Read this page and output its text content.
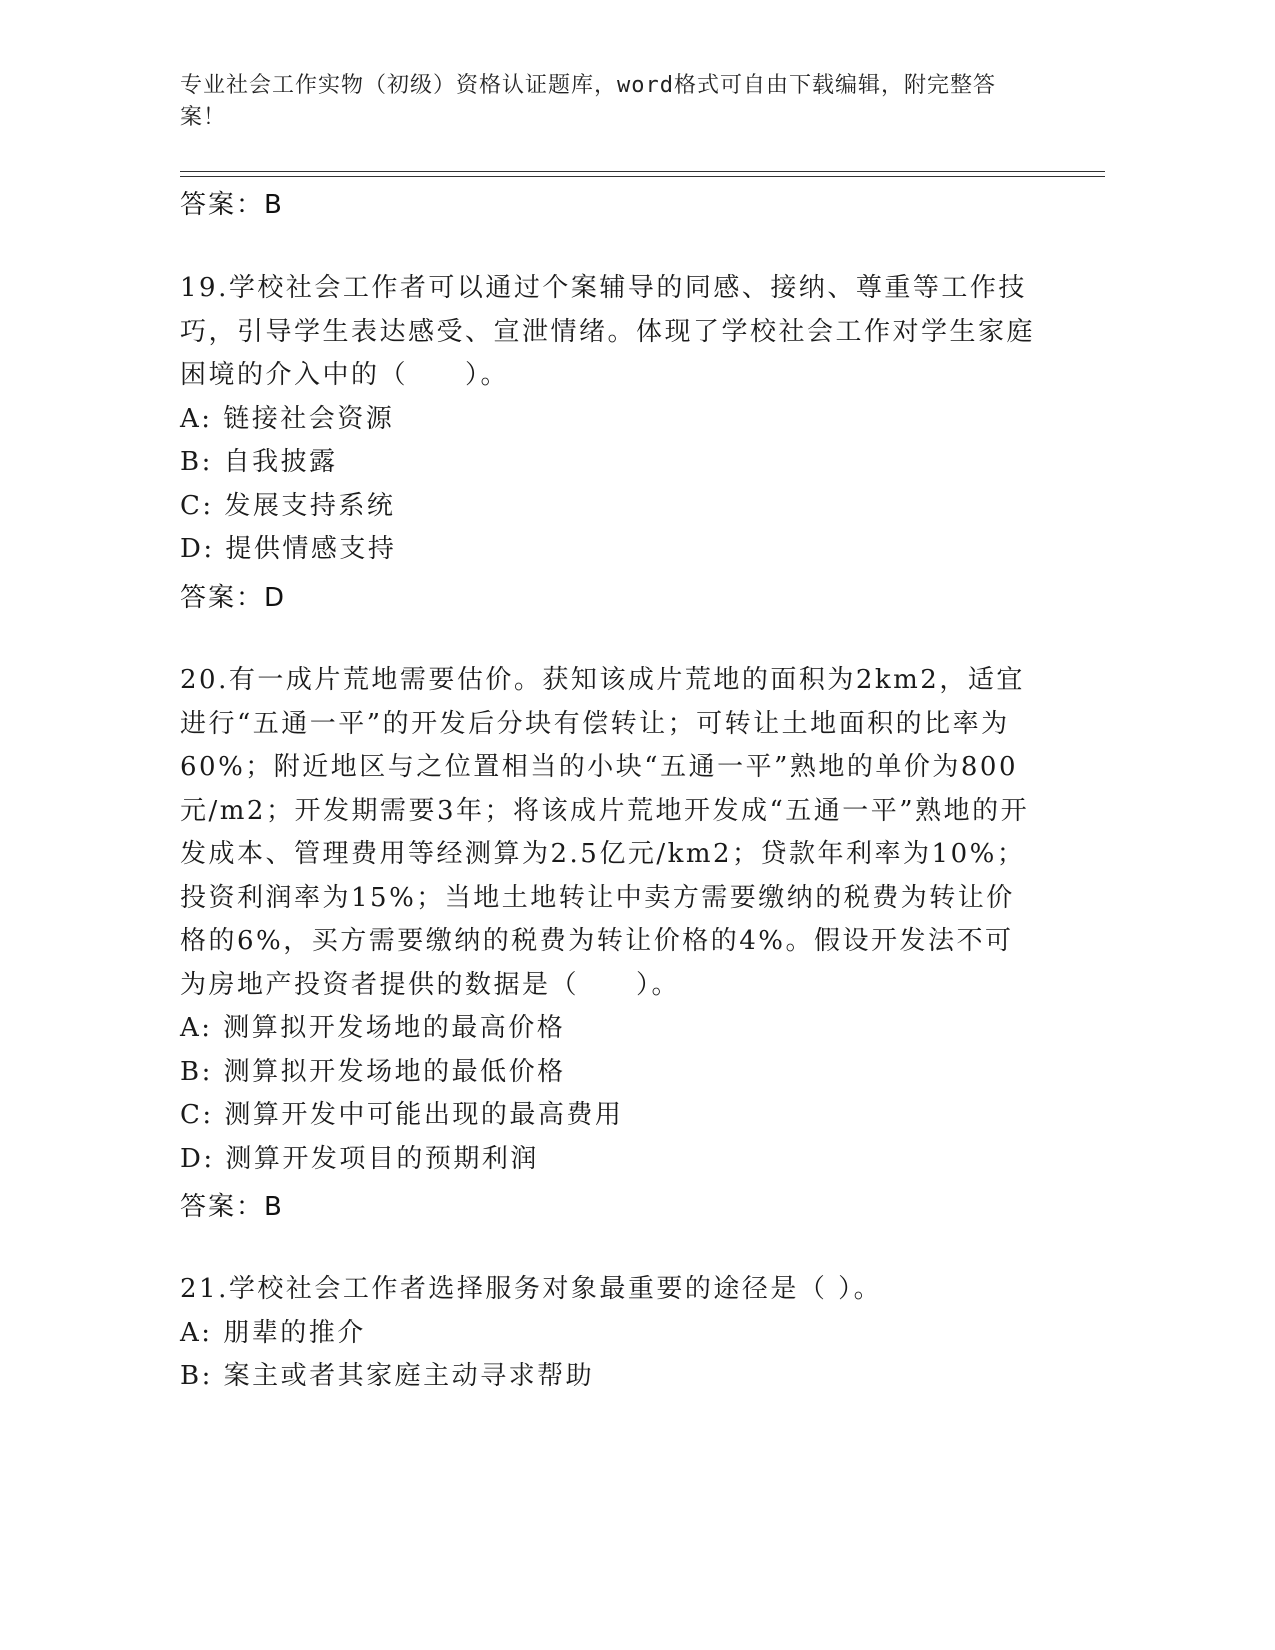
专业社会工作实物（初级）资格认证题库，word格式可自由下载编辑，附完整答案！
答案：B

19.学校社会工作者可以通过个案辅导的同感、接纳、尊重等工作技巧，引导学生表达感受、宣泄情绪。体现了学校社会工作对学生家庭困境的介入中的（　　）。

A: 链接社会资源

B: 自我披露

C: 发展支持系统

D: 提供情感支持

答案：D

20.有一成片荒地需要估价。获知该成片荒地的面积为2km2，适宜进行“五通一平”的开发后分块有偿转让；可转让土地面积的比率为60%；附近地区与之位置相当的小块“五通一平”熟地的单价为800元/m2；开发期需要3年；将该成片荒地开发成“五通一平”熟地的开发成本、管理费用等经测算为2.5亿元/km2；贷款年利率为10%；投资利润率为15%；当地土地转让中卖方需要缴纳的税费为转让价格的6%，买方需要缴纳的税费为转让价格的4%。假设开发法不可为房地产投资者提供的数据是（　　）。

A: 测算拟开发场地的最高价格

B: 测算拟开发场地的最低价格

C: 测算开发中可能出现的最高费用

D: 测算开发项目的预期利润

答案：B

21.学校社会工作者选择服务对象最重要的途径是（ ）。

A: 朋辈的推介

B: 案主或者其家庭主动寻求帮助
